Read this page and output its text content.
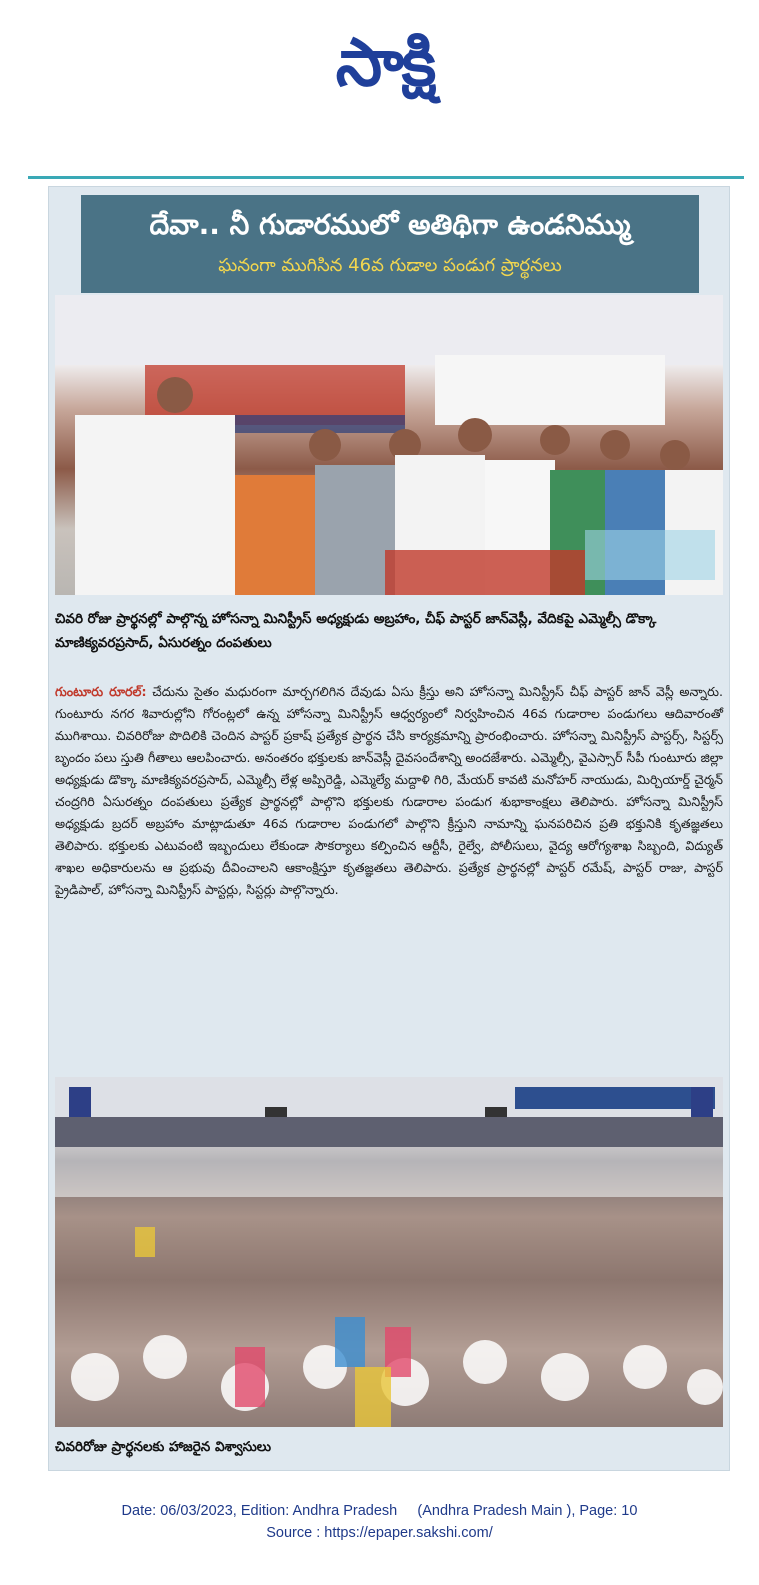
సాక్షి
దేవా.. నీ గుడారములో అతిథిగా ఉండనిమ్ము
ఘనంగా ముగిసిన 46వ గుడాల పండుగ ప్రార్థనలు
చివరి రోజు ప్రార్థనల్లో పాల్గొన్న హోసన్నా మినిస్ట్రీస్ అధ్యక్షుడు అబ్రహాం, చీఫ్ పాస్టర్ జాన్‌వెస్లీ, వేదికపై ఎమ్మెల్సీ డొక్కా మాణిక్యవరప్రసాద్, ఏసురత్నం దంపతులు
గుంటూరు రూరల్: చేదును సైతం మధురంగా మార్చగలిగిన దేవుడు ఏసు క్రీస్తు అని హోసన్నా మినిస్ట్రీస్ చీఫ్ పాస్టర్ జాన్ వెస్లీ అన్నారు. గుంటూరు నగర శివారుల్లోని గోరంట్లలో ఉన్న హోసన్నా మినిస్ట్రీస్ ఆధ్వర్యంలో నిర్వహించిన 46వ గుడారాల పండుగలు ఆదివారంతో ముగిశాయి. చివరిరోజు పొదిలికి చెందిన పాస్టర్ ప్రకాష్ ప్రత్యేక ప్రార్థన చేసి కార్యక్రమాన్ని ప్రారంభించారు. హోసన్నా మినిస్ట్రీస్ పాస్టర్స్, సిస్టర్స్ బృందం పలు స్తుతి గీతాలు ఆలపించారు. అనంతరం భక్తులకు జాన్‌వెస్లీ దైవసందేశాన్ని అందజేశారు. ఎమ్మెల్సీ, వైఎస్సార్ సీపీ గుంటూరు జిల్లా అధ్యక్షుడు డొక్కా మాణిక్యవరప్రసాద్, ఎమ్మెల్సీ లేళ్ల అప్పిరెడ్డి, ఎమ్మెల్యే మద్దాళి గిరి, మేయర్ కావటి మనోహర్ నాయుడు, మిర్చియార్డ్ చైర్మన్ చంద్రగిరి ఏసురత్నం దంపతులు ప్రత్యేక ప్రార్థనల్లో పాల్గొని భక్తులకు గుడారాల పండుగ శుభాకాంక్షలు తెలిపారు. హోసన్నా మినిస్ట్రీస్ అధ్యక్షుడు బ్రదర్ అబ్రహాం మాట్లాడుతూ 46వ గుడారాల పండుగలో పాల్గొని క్రీస్తుని నామాన్ని ఘనపరిచిన ప్రతి భక్తునికి కృతజ్ఞతలు తెలిపారు. భక్తులకు ఎటువంటి ఇబ్బందులు లేకుండా సౌకర్యాలు కల్పించిన ఆర్టీసీ, రైల్వే, పోలీసులు, వైద్య ఆరోగ్యశాఖ సిబ్బంది, విద్యుత్ శాఖల అధికారులను ఆ ప్రభువు దీవించాలని ఆకాంక్షిస్తూ కృతజ్ఞతలు తెలిపారు. ప్రత్యేక ప్రార్థనల్లో పాస్టర్ రమేష్, పాస్టర్ రాజు, పాస్టర్ ప్రైడిపాల్, హోసన్నా మినిస్ట్రీస్ పాస్టర్లు, సిస్టర్లు పాల్గొన్నారు.
చివరిరోజు ప్రార్థనలకు హాజరైన విశ్వాసులు
Date: 06/03/2023, Edition: Andhra Pradesh     (Andhra Pradesh Main ), Page: 10
Source : https://epaper.sakshi.com/
